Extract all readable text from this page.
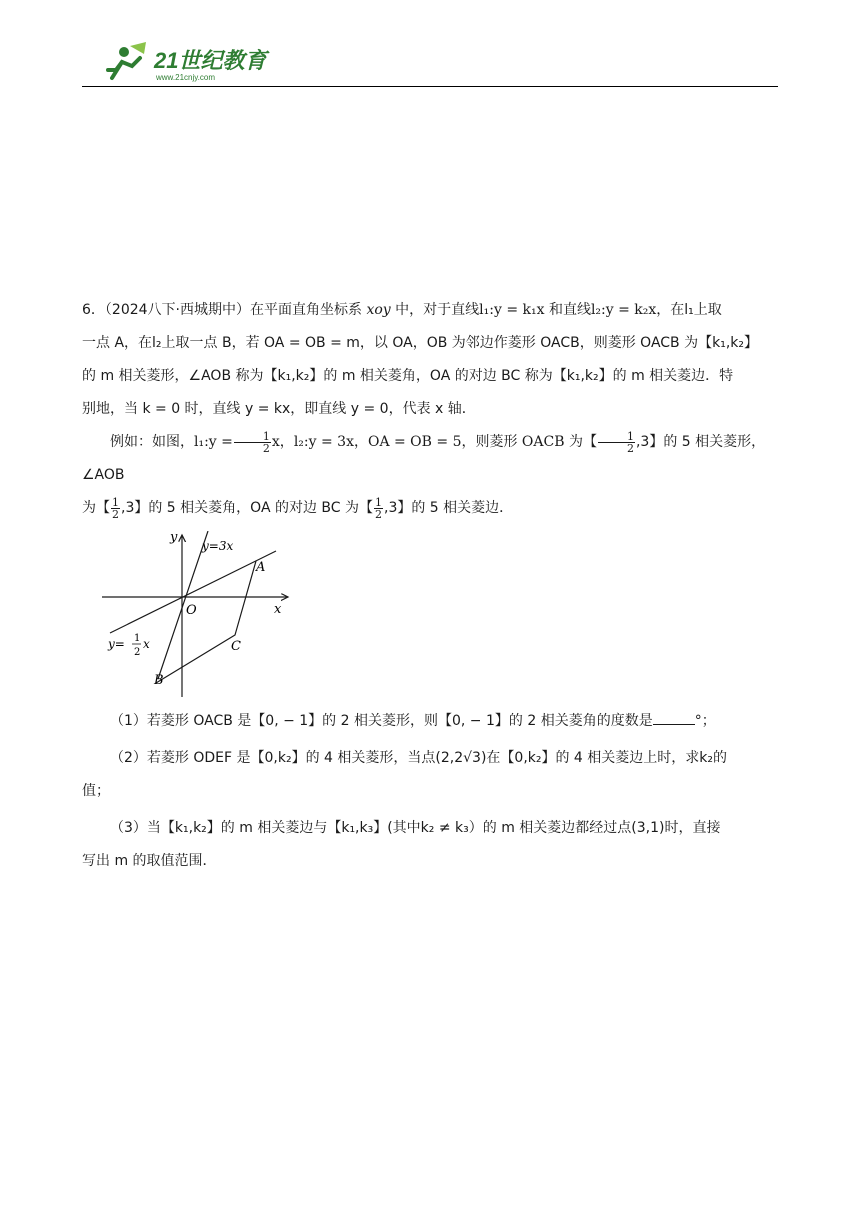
21世纪教育
www.21cnjy.com

6．（2024八下·西城期中）在平面直角坐标系 xoy 中，对于直线l₁:y = k₁x 和直线l₂:y = k₂x，在l₁上取

一点 A，在l₂上取一点 B，若 OA = OB = m，以 OA，OB 为邻边作菱形 OACB，则菱形 OACB 为【k₁,k₂】

的 m 相关菱形，∠AOB 称为【k₁,k₂】的 m 相关菱角，OA 的对边 BC 称为【k₁,k₂】的 m 相关菱边．特

别地，当 k = 0 时，直线 y = kx，即直线 y = 0，代表 x 轴．

例如：如图，l₁:y = $\frac{1}{2}$ x，l₂:y = 3x，OA = OB = 5，则菱形 OACB 为【 $\frac{1}{2} ,3$】的 5 相关菱形，∠AOB

为【 $\frac{1}{2} ,3$】的 5 相关菱角，OA 的对边 BC 为【 $\frac{1}{2} ,3$】的 5 相关菱边．

y
x
O
y=3x
A
C
B
y= 1
2
x

（1）若菱形 OACB 是【0, − 1】的 2 相关菱形，则【0, − 1】的 2 相关菱角的度数是	°；

（2）若菱形 ODEF 是【0,k₂】的 4 相关菱形，当点(2,2√3)在【0,k₂】的 4 相关菱边上时，求k₂的

值；

（3）当【k₁,k₂】的 m 相关菱边与【k₁,k₃】(其中k₂ ≠ k₃）的 m 相关菱边都经过点(3,1)时，直接

写出 m 的取值范围．
